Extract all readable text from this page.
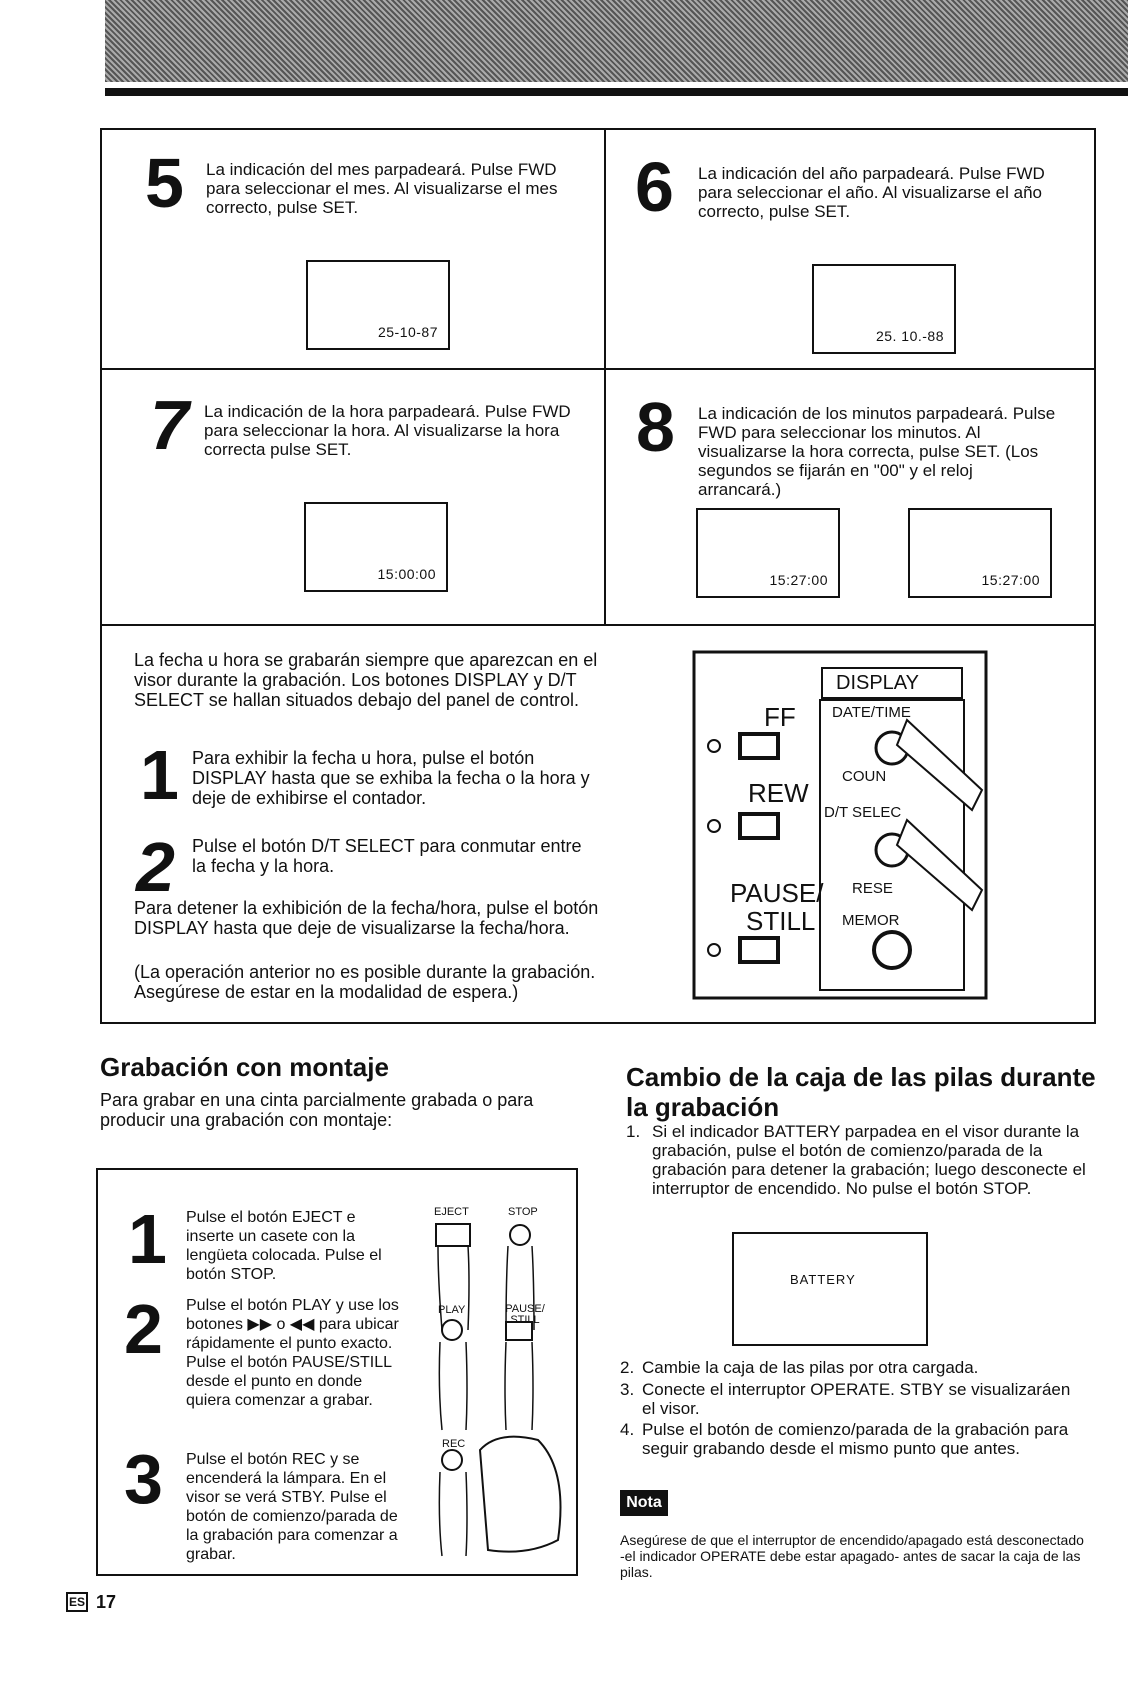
5 La indicación del mes parpadeará. Pulse FWD para seleccionar el mes. Al visualizarse el mes correcto, pulse SET.
25-10-87
6 La indicación del año parpadeará. Pulse FWD para seleccionar el año. Al visualizarse el año correcto, pulse SET.
25. 10.-88
7 La indicación de la hora parpadeará. Pulse FWD para seleccionar la hora. Al visualizarse la hora correcta pulse SET.
15:00:00
8 La indicación de los minutos parpadeará. Pulse FWD para seleccionar los minutos. Al visualizarse la hora correcta, pulse SET. (Los segundos se fijarán en "00" y el reloj arrancará.)
15:27:00	15:27:00
La fecha u hora se grabarán siempre que aparezcan en el visor durante la grabación. Los botones DISPLAY y D/T SELECT se hallan situados debajo del panel de control.
1 Para exhibir la fecha u hora, pulse el botón DISPLAY hasta que se exhiba la fecha o la hora y deje de exhibirse el contador.
2 Pulse el botón D/T SELECT para conmutar entre la fecha y la hora.
Para detener la exhibición de la fecha/hora, pulse el botón DISPLAY hasta que deje de visualizarse la fecha/hora.
(La operación anterior no es posible durante la grabación. Asegúrese de estar en la modalidad de espera.)
DISPLAY
DATE/TIME
COUN
D/T SELEC
RESE
MEMOR
FF
REW
PAUSE/
STILL
Grabación con montaje
Para grabar en una cinta parcialmente grabada o para producir una grabación con montaje:
1 Pulse el botón EJECT e inserte un casete con la lengüeta colocada. Pulse el botón STOP.
2 Pulse el botón PLAY y use los botones ▶▶ o ◀◀ para ubicar rápidamente el punto exacto. Pulse el botón PAUSE/STILL desde el punto en donde quiera comenzar a grabar.
3 Pulse el botón REC y se encenderá la lámpara. En el visor se verá STBY. Pulse el botón de comienzo/parada de la grabación para comenzar a grabar.
EJECT	STOP
PLAY	PAUSE/ STILL
REC
ES 17
Cambio de la caja de las pilas durante la grabación
1. Si el indicador BATTERY parpadea en el visor durante la grabación, pulse el botón de comienzo/parada de la grabación para detener la grabación; luego desconecte el interruptor de encendido. No pulse el botón STOP.
BATTERY
2. Cambie la caja de las pilas por otra cargada.
3. Conecte el interruptor OPERATE. STBY se visualizaráen el visor.
4. Pulse el botón de comienzo/parada de la grabación para seguir grabando desde el mismo punto que antes.
Nota
Asegúrese de que el interruptor de encendido/apagado está desconectado -el indicador OPERATE debe estar apagado- antes de sacar la caja de las pilas.
